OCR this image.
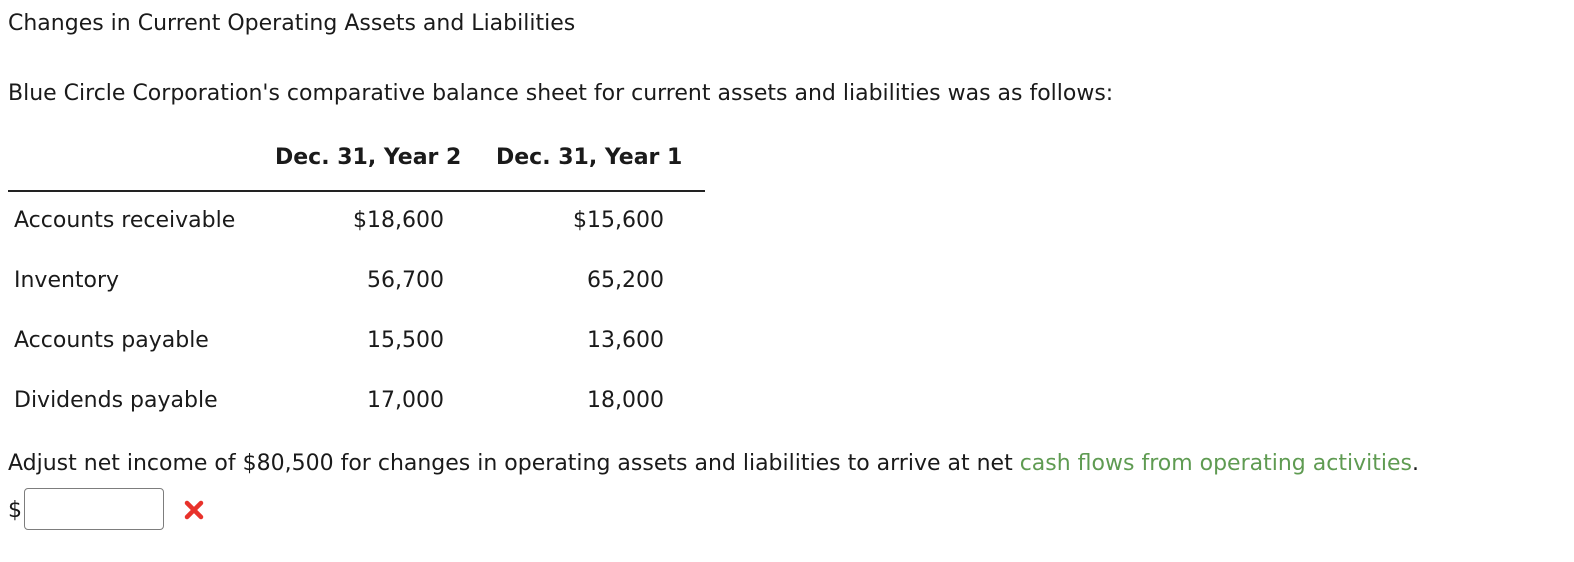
Changes in Current Operating Assets and Liabilities
Blue Circle Corporation's comparative balance sheet for current assets and liabilities was as follows:
Dec. 31, Year 2 Dec. 31, Year 1
Accounts receivable	$18,600	$15,600
Inventory	56,700	65,200
Accounts payable	15,500	13,600
Dividends payable	17,000	18,000
Adjust net income of $80,500 for changes in operating assets and liabilities to arrive at net cash flows from operating activities.
$
